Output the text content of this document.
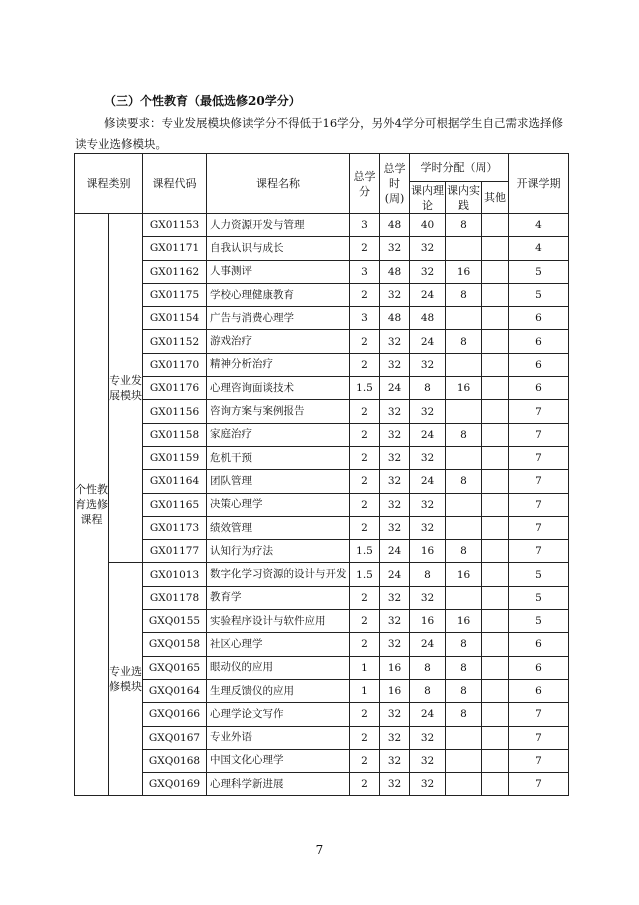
（三）个性教育（最低选修20学分）
修读要求：专业发展模块修读学分不得低于16学分，另外4学分可根据学生自己需求选择修读专业选修模块。
课程类别		课程代码	课程名称	总学分	总学时(周)	学时分配（周）			开课学期
						课内理论	课内实践	其他	
个性教育选修课程	专业发展模块	GX01153	人力资源开发与管理	3	48	40	8		4
		GX01171	自我认识与成长	2	32	32			4
		GX01162	人事测评	3	48	32	16		5
		GX01175	学校心理健康教育	2	32	24	8		5
		GX01154	广告与消费心理学	3	48	48			6
		GX01152	游戏治疗	2	32	24	8		6
		GX01170	精神分析治疗	2	32	32			6
		GX01176	心理咨询面谈技术	1.5	24	8	16		6
		GX01156	咨询方案与案例报告	2	32	32			7
		GX01158	家庭治疗	2	32	24	8		7
		GX01159	危机干预	2	32	32			7
		GX01164	团队管理	2	32	24	8		7
		GX01165	决策心理学	2	32	32			7
		GX01173	绩效管理	2	32	32			7
		GX01177	认知行为疗法	1.5	24	16	8		7
	专业选修模块	GX01013	数字化学习资源的设计与开发	1.5	24	8	16		5
		GX01178	教育学	2	32	32			5
		GXQ0155	实验程序设计与软件应用	2	32	16	16		5
		GXQ0158	社区心理学	2	32	24	8		6
		GXQ0165	眼动仪的应用	1	16	8	8		6
		GXQ0164	生理反馈仪的应用	1	16	8	8		6
		GXQ0166	心理学论文写作	2	32	24	8		7
		GXQ0167	专业外语	2	32	32			7
		GXQ0168	中国文化心理学	2	32	32			7
		GXQ0169	心理科学新进展	2	32	32			7
7
